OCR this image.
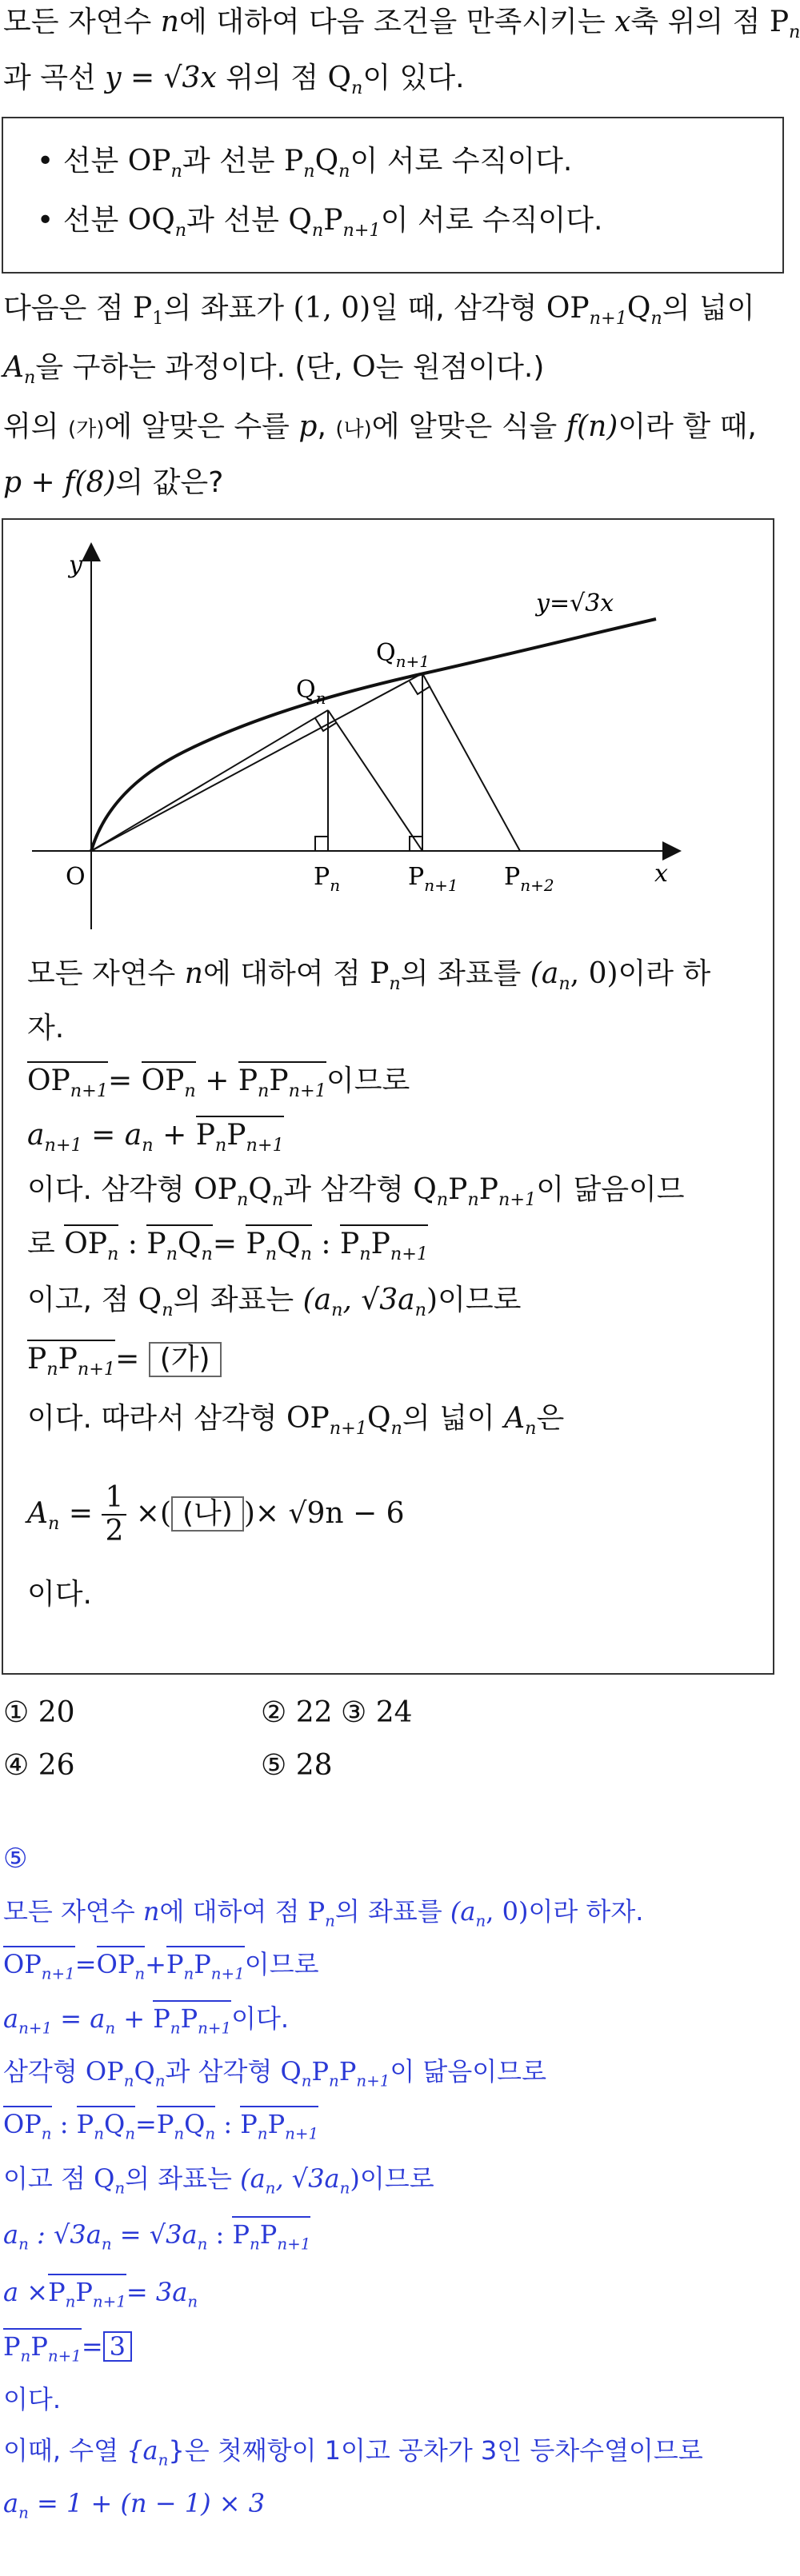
모든 자연수 n에 대하여 다음 조건을 만족시키는 x축 위의 점 $P_n$
과 곡선 y = √3x 위의 점 $Q_n$이 있다.
• 선분 $OP_n$과 선분 $P_nQ_n$이 서로 수직이다.
• 선분 $OQ_n$과 선분 $Q_nP_{n+1}$이 서로 수직이다.
다음은 점 $P_1$의 좌표가 (1, 0)일 때, 삼각형 $OP_{n+1}Q_n$의 넓이
$A_n$을 구하는 과정이다. (단, O는 원점이다.)
위의 (가)에 알맞은 수를 p, (나)에 알맞은 식을 f(n)이라 할 때,
p + f(8)의 값은?
y
x
O
y=√3x
$Q_n$
$Q_{n+1}$
$P_n$	$P_{n+1}$ $P_{n+2}$
모든 자연수 n에 대하여 점 $P_n$의 좌표를 ($a_n$, 0)이라 하
자.
$OP_{n+1}= OP_n + P_nP_{n+1}$이므로
$a_{n+1} = a_n + P_nP_{n+1}$
이다. 삼각형 $OP_nQ_n$과 삼각형 $Q_nP_nP_{n+1}$이 닮음이므
로 $OP_n$ : $P_nQ_n= P_nQ_n$ : $P_nP_{n+1}$
이고, 점 $Q_n$의 좌표는 ($a_n$, $√3a_n$)이므로
$P_nP_{n+1}=$ (가)
이다. 따라서 삼각형 $OP_{n+1}Q_n$의 넓이 $A_n$은
$A_n = \frac{1}{2}$ ×( (나) )× √9n − 6
이다.
① 20	② 22 ③ 24
④ 26	⑤ 28
⑤
모든 자연수 n에 대하여 점 $P_n$의 좌표를 ($a_n$, 0)이라 하자.
$OP_{n+1}=OP_n+P_nP_{n+1}$이므로
$a_{n+1} = a_n + P_nP_{n+1}$이다.
삼각형 $OP_nQ_n$과 삼각형 $Q_nP_nP_{n+1}$이 닮음이므로
$OP_n$ : $P_nQ_n=P_nQ_n$ : $P_nP_{n+1}$
이고 점 $Q_n$의 좌표는 ($a_n$, $√3a_n$)이므로
$a_n$ : $√3a_n = √3a_n$ : $P_nP_{n+1}$
$a \times P_nP_{n+1}= 3a_n$
$P_nP_{n+1}= 3$
이다.
이때, 수열 $\{a_n\}$은 첫째항이 1이고 공차가 3인 등차수열이므로
$a_n = 1 + (n - 1) \times 3$
